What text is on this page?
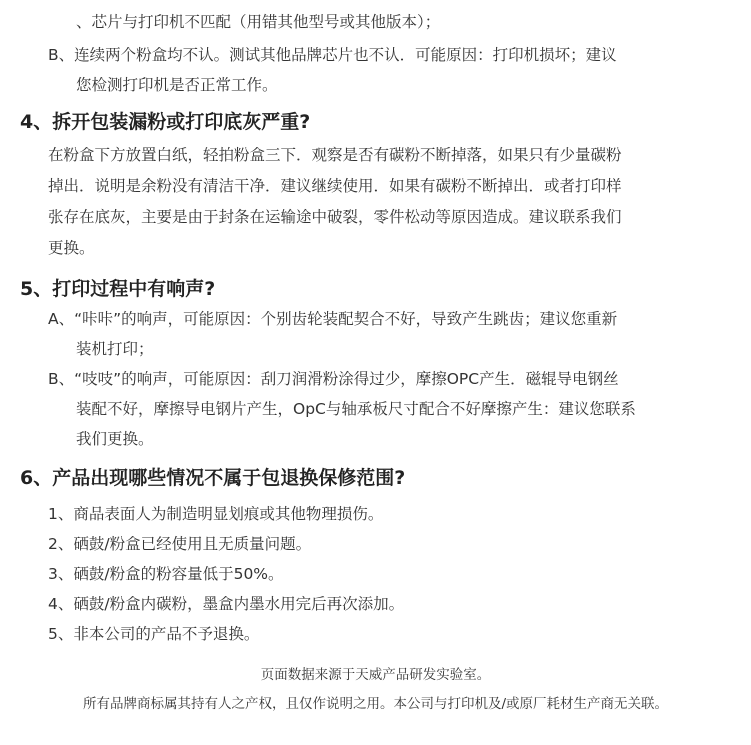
、芯片与打印机不匹配（用错其他型号或其他版本）；

B、连续两个粉盒均不认。测试其他品牌芯片也不认．可能原因：打印机损坏；建议

您检测打印机是否正常工作。

4、拆开包装漏粉或打印底灰严重?

在粉盒下方放置白纸，轻拍粉盒三下．观察是否有碳粉不断掉落，如果只有少量碳粉

掉出．说明是余粉没有清洁干净．建议继续使用．如果有碳粉不断掉出．或者打印样

张存在底灰，主要是由于封条在运输途中破裂，零件松动等原因造成。建议联系我们

更换。

5、打印过程中有响声?

A、“咔咔”的响声，可能原因：个别齿轮装配契合不好，导致产生跳齿；建议您重新

装机打印；

B、“吱吱”的响声，可能原因：刮刀润滑粉涂得过少，摩擦OPC产生．磁辊导电钢丝

装配不好，摩擦导电钢片产生，OpC与轴承板尺寸配合不好摩擦产生：建议您联系

我们更换。

6、产品出现哪些情况不属于包退换保修范围?

1、商品表面人为制造明显划痕或其他物理损伤。

2、硒鼓/粉盒已经使用且无质量问题。

3、硒鼓/粉盒的粉容量低于50%。

4、硒鼓/粉盒内碳粉，墨盒内墨水用完后再次添加。

5、非本公司的产品不予退换。

页面数据来源于天威产品研发实验室。

所有品牌商标属其持有人之产权，且仅作说明之用。本公司与打印机及/或原厂耗材生产商无关联。
